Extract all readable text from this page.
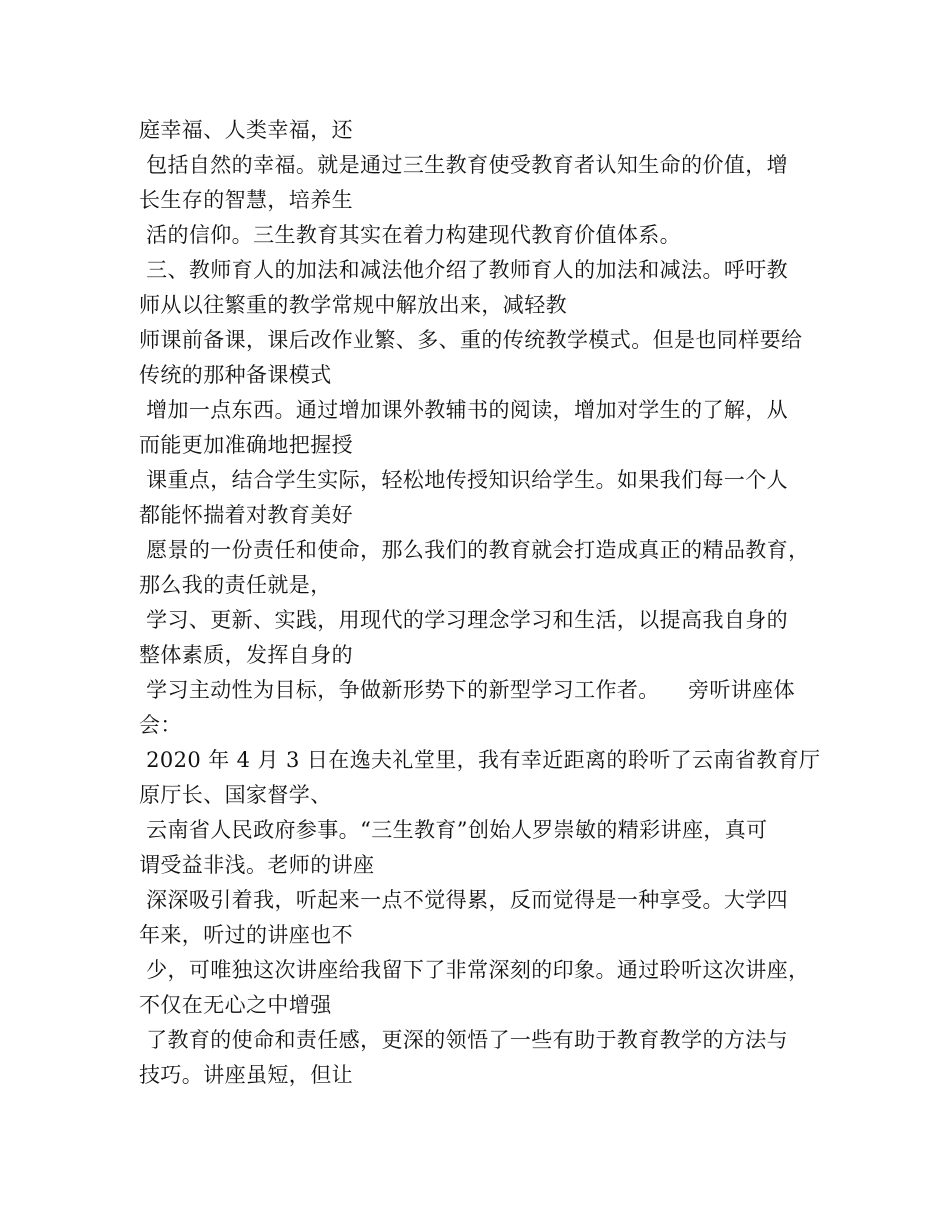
庭幸福、人类幸福，还
包括自然的幸福。就是通过三生教育使受教育者认知生命的价值，增
长生存的智慧，培养生
活的信仰。三生教育其实在着力构建现代教育价值体系。
三、教师育人的加法和减法他介绍了教师育人的加法和减法。呼吁教
师从以往繁重的教学常规中解放出来，减轻教
师课前备课，课后改作业繁、多、重的传统教学模式。但是也同样要给
传统的那种备课模式
增加一点东西。通过增加课外教辅书的阅读，增加对学生的了解，从
而能更加准确地把握授
课重点，结合学生实际，轻松地传授知识给学生。如果我们每一个人
都能怀揣着对教育美好
愿景的一份责任和使命，那么我们的教育就会打造成真正的精品教育，
那么我的责任就是，
学习、更新、实践，用现代的学习理念学习和生活，以提高我自身的
整体素质，发挥自身的
学习主动性为目标，争做新形势下的新型学习工作者。    旁听讲座体
会：
2020 年 4 月 3 日在逸夫礼堂里，我有幸近距离的聆听了云南省教育厅
原厅长、国家督学、
云南省人民政府参事。“三生教育”创始人罗崇敏的精彩讲座，真可
谓受益非浅。老师的讲座
深深吸引着我，听起来一点不觉得累，反而觉得是一种享受。大学四
年来，听过的讲座也不
少，可唯独这次讲座给我留下了非常深刻的印象。通过聆听这次讲座，
不仅在无心之中增强
了教育的使命和责任感，更深的领悟了一些有助于教育教学的方法与
技巧。讲座虽短，但让
